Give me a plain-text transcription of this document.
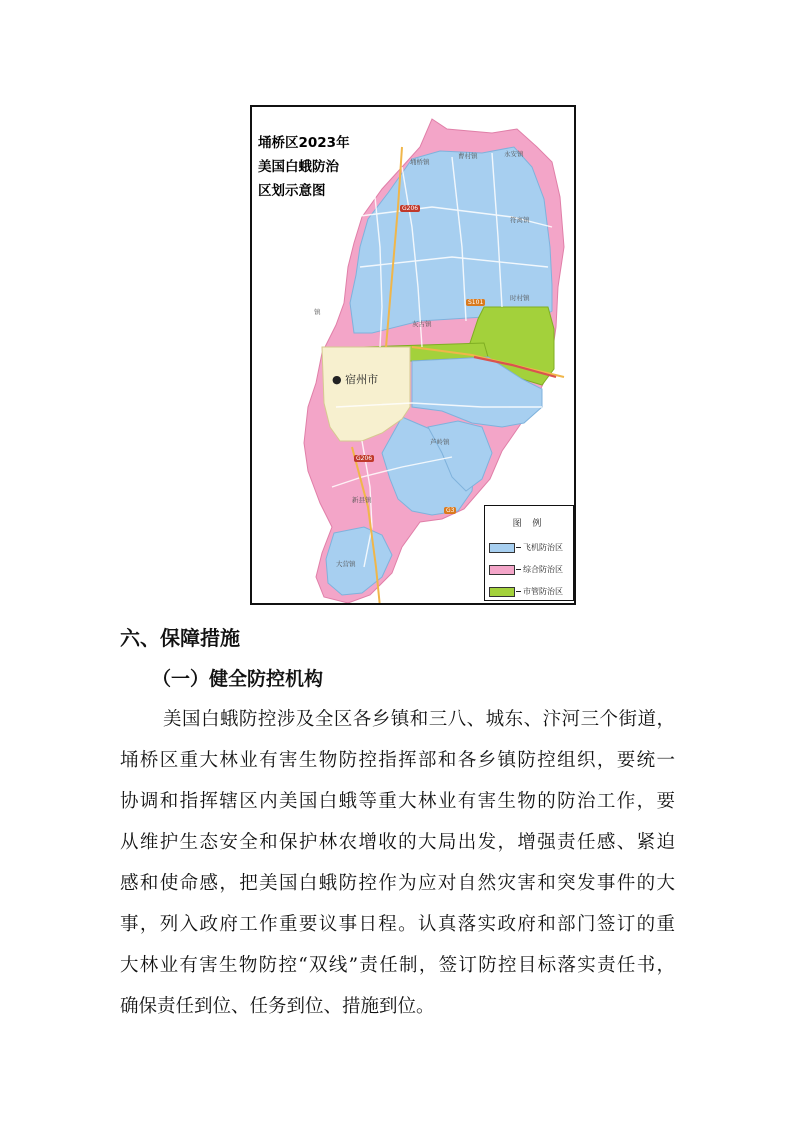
埇桥区2023年
美国白蛾防治
区划示意图
埇桥镇
曹村镇	永安镇
符离镇
时村镇
灰古镇
镇
芦岭镇
新县镇
大营镇
● 宿州市
G206
G206
S101
G3
图 例
飞机防治区
综合防治区
市管防治区
六、保障措施
（一）健全防控机构
美国白蛾防控涉及全区各乡镇和三八、城东、汴河三个街道，
埇桥区重大林业有害生物防控指挥部和各乡镇防控组织，要统一
协调和指挥辖区内美国白蛾等重大林业有害生物的防治工作，要
从维护生态安全和保护林农增收的大局出发，增强责任感、紧迫
感和使命感，把美国白蛾防控作为应对自然灾害和突发事件的大
事，列入政府工作重要议事日程。认真落实政府和部门签订的重
大林业有害生物防控“双线”责任制，签订防控目标落实责任书，
确保责任到位、任务到位、措施到位。
